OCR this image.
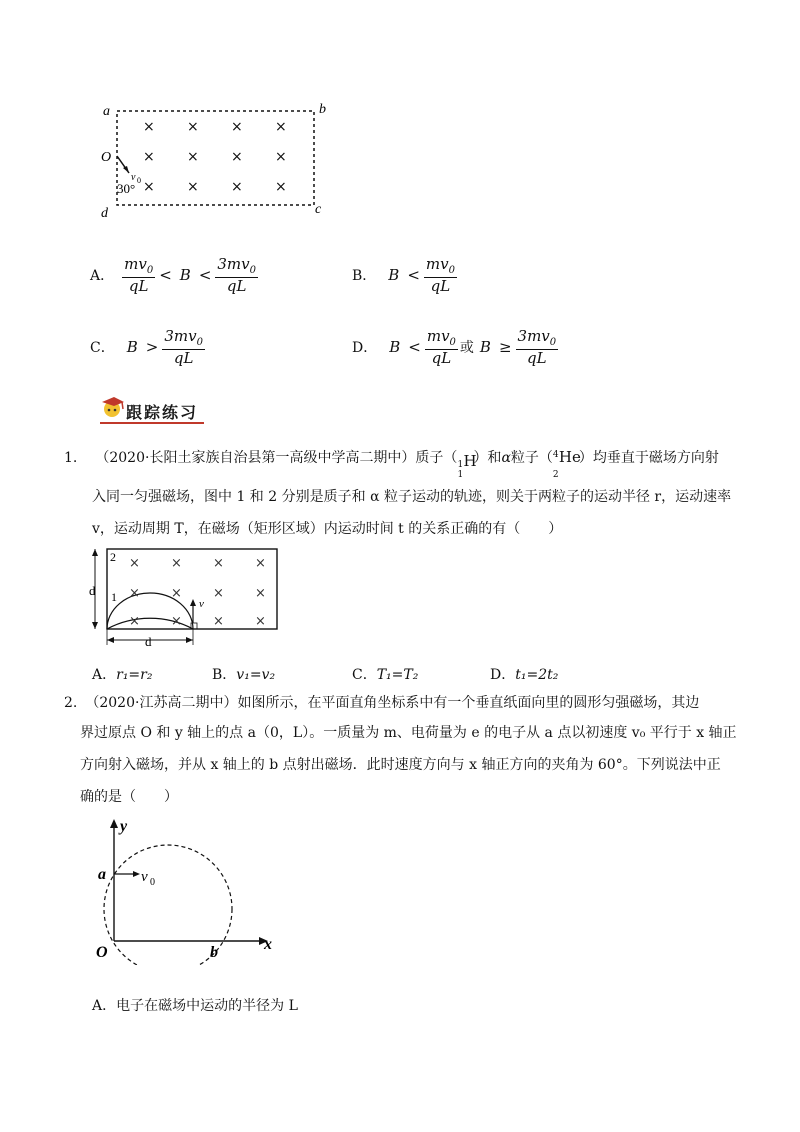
a	b
c
d
O
v 0
30°
× × × ×
× × × ×
× × × ×
A． $\frac{mv_0}{qL} < B < \frac{3mv_0}{qL}$	B． $B < \frac{mv_0}{qL}$
C． $B > \frac{3mv_0}{qL}$	D． $B < \frac{mv_0}{qL}$ 或 $B \ge \frac{3mv_0}{qL}$
跟踪练习
1. （2020·长阳土家族自治县第一高级中学高二期中）质子（ 1
1
H
）和α粒子（ 4
2
He
）均垂直于磁场方向射
入同一匀强磁场，图中 1 和 2 分别是质子和 α 粒子运动的轨迹，则关于两粒子的运动半径 r，运动速率
v，运动周期 T，在磁场（矩形区域）内运动时间 t 的关系正确的有（　　）
d
d
2
1	v
× × × ×
× × × ×
× × × ×
A．r₁=r₂	B．v₁=v₂	C．T₁=T₂	D．t₁=2t₂
2. （2020·江苏高二期中）如图所示，在平面直角坐标系中有一个垂直纸面向里的圆形匀强磁场，其边
界过原点 O 和 y 轴上的点 a（0，L）。一质量为 m、电荷量为 e 的电子从 a 点以初速度 v₀ 平行于 x 轴正
方向射入磁场，并从 x 轴上的 b 点射出磁场．此时速度方向与 x 轴正方向的夹角为 60°。下列说法中正
确的是（　　）
y
x
a v 0
O	b
A．电子在磁场中运动的半径为 L
